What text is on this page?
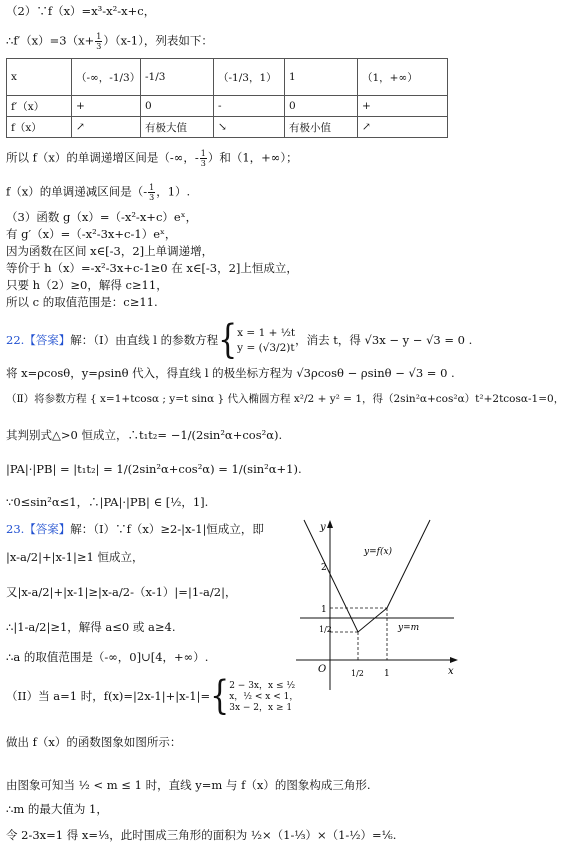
（2）∵f（x）=x³-x²-x+c，
∴f′（x）=3（x+ $\frac{1}{3} )(x-1)$，列表如下：
x	（-∞，-1/3）	-1/3	（-1/3，1）	1	（1，+∞）
f′（x）	+	0	-	0	+
f（x）	↗	有极大值	↘	有极小值	↗
所以 f（x）的单调递增区间是（-∞，- $\frac{1}{3}$ ）和（1，+∞）；
f（x）的单调递减区间是（- $\frac{1}{3}$ ，1）.
（3）函数 g（x）=（-x²-x+c）eˣ，
有 g′（x）=（-x²-3x+c-1）eˣ，
因为函数在区间 x∈[-3，2]上单调递增，
等价于 h（x）=-x²-3x+c-1≥0 在 x∈[-3，2]上恒成立，
只要 h（2）≥0，解得 c≥11，
所以 c 的取值范围是：c≥11.
22.【答案】解：（Ⅰ）由直线 l 的参数方程{x = 1 + ½t
y = (√3/2)t，消去 t，得 √3x − y − √3 = 0 .
将 x=ρcosθ，y=ρsinθ 代入，得直线 l 的极坐标方程为 √3ρcosθ − ρsinθ − √3 = 0 .
（Ⅱ）将参数方程 { x=1+tcosα ; y=t sinα } 代入椭圆方程 x²/2 + y² = 1，得（2sin²α+cos²α）t²+2tcosα-1=0，
其判别式△>0 恒成立，∴t₁t₂= −1/(2sin²α+cos²α).
|PA|·|PB| = |t₁t₂| = 1/(2sin²α+cos²α) = 1/(sin²α+1).
∵0≤sin²α≤1，∴|PA|·|PB| ∈ [½，1].
23.【答案】解：（I）∵f（x）≥2-|x-1|恒成立，即
|x-a/2|+|x-1|≥1 恒成立，
又|x-a/2|+|x-1|≥|x-a/2-（x-1）|=|1-a/2|，
∴|1-a/2|≥1，解得 a≤0 或 a≥4.
∴a 的取值范围是（-∞，0]∪[4，+∞）.
（II）当 a=1 时，f(x)=|2x-1|+|x-1|={2 − 3x，x ≤ ½
x，½ < x < 1，
3x − 2，x ≥ 1
做出 f（x）的函数图象如图所示：
由图象可知当 ½ < m ≤ 1 时，直线 y=m 与 f（x）的图象构成三角形.
∴m 的最大值为 1，
令 2-3x=1 得 x=⅓，此时围成三角形的面积为 ½×（1-⅓）×（1-½）=⅙.
y
x
O
2
1
1/2
1/2 1
y=f(x)
y=m
